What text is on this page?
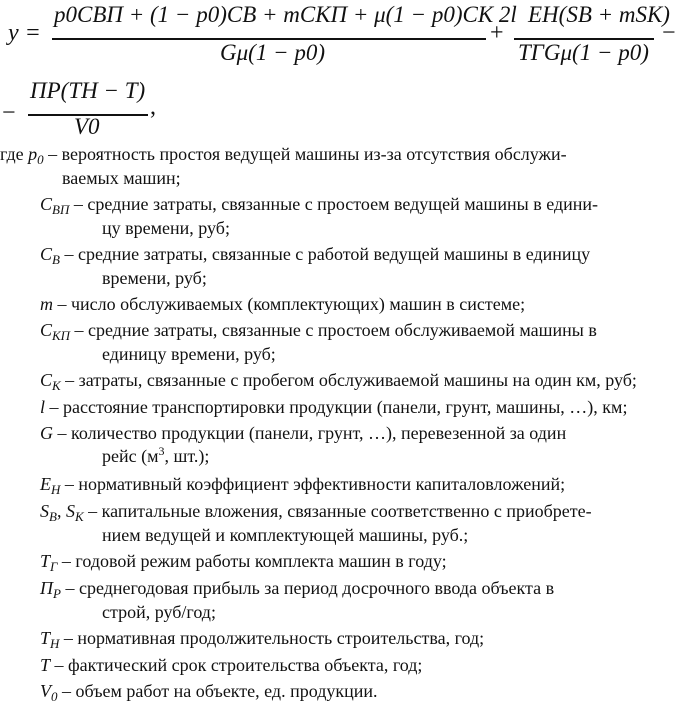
y =
p0CВП + (1 − p0)CВ + mCКП + μ(1 − p0)CК 2l
Gμ(1 − p0)
+
EН(SВ + mSК)
TГGμ(1 − p0)
−
−
ПР(TН − T)
V0
,
где $p_0$ – вероятность простоя ведущей машины из-за отсутствия обслужи-
ваемых машин;
$C_{ВП}$ – средние затраты, связанные с простоем ведущей машины в едини-
цу времени, руб;
$C_В$ – средние затраты, связанные с работой ведущей машины в единицу
времени, руб;
m – число обслуживаемых (комплектующих) машин в системе;
$C_{КП}$ – средние затраты, связанные с простоем обслуживаемой машины в
единицу времени, руб;
$C_К$ – затраты, связанные с пробегом обслуживаемой машины на один км, руб;
l – расстояние транспортировки продукции (панели, грунт, машины, …), км;
G – количество продукции (панели, грунт, …), перевезенной за один
рейс ($м^3$, шт.);
$E_Н$ – нормативный коэффициент эффективности капиталовложений;
$S_В$, $S_К$ – капитальные вложения, связанные соответственно с приобрете-
нием ведущей и комплектующей машины, руб.;
$T_Г$ – годовой режим работы комплекта машин в году;
$П_Р$ – среднегодовая прибыль за период досрочного ввода объекта в
строй, руб/год;
$T_Н$ – нормативная продолжительность строительства, год;
T – фактический срок строительства объекта, год;
$V_0$ – объем работ на объекте, ед. продукции.
